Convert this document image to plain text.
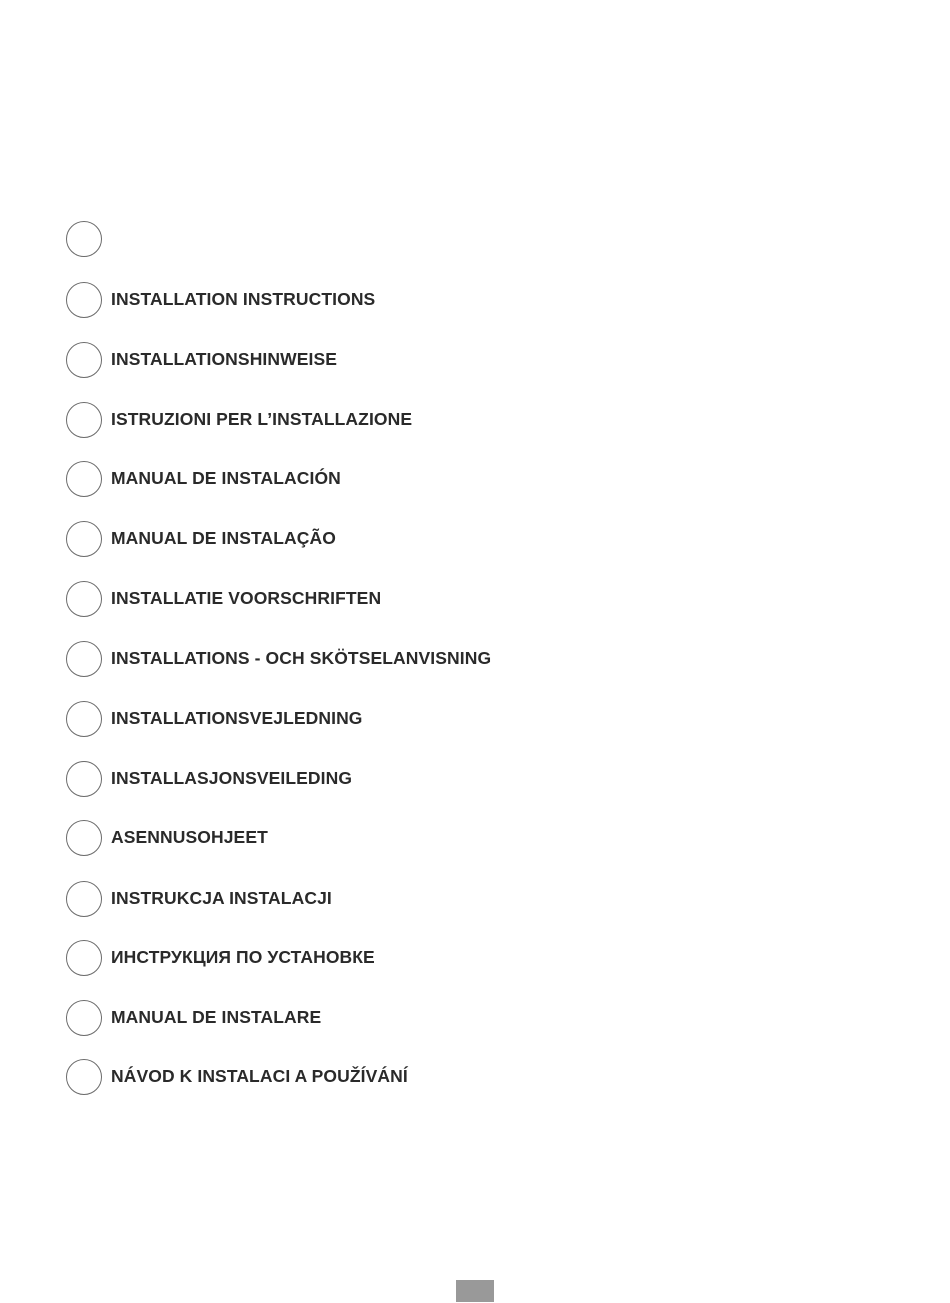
INSTALLATION INSTRUCTIONS
INSTALLATIONSHINWEISE
ISTRUZIONI PER L’INSTALLAZIONE
MANUAL DE INSTALACIÓN
MANUAL DE INSTALAÇÃO
INSTALLATIE VOORSCHRIFTEN
INSTALLATIONS - OCH SKÖTSELANVISNING
INSTALLATIONSVEJLEDNING
INSTALLASJONSVEILEDING
ASENNUSOHJEET
INSTRUKCJA INSTALACJI
ИНСТРУКЦИЯ ПО УСТАНОВКЕ
MANUAL DE INSTALARE
NÁVOD K INSTALACI A POUŽÍVÁNÍ
